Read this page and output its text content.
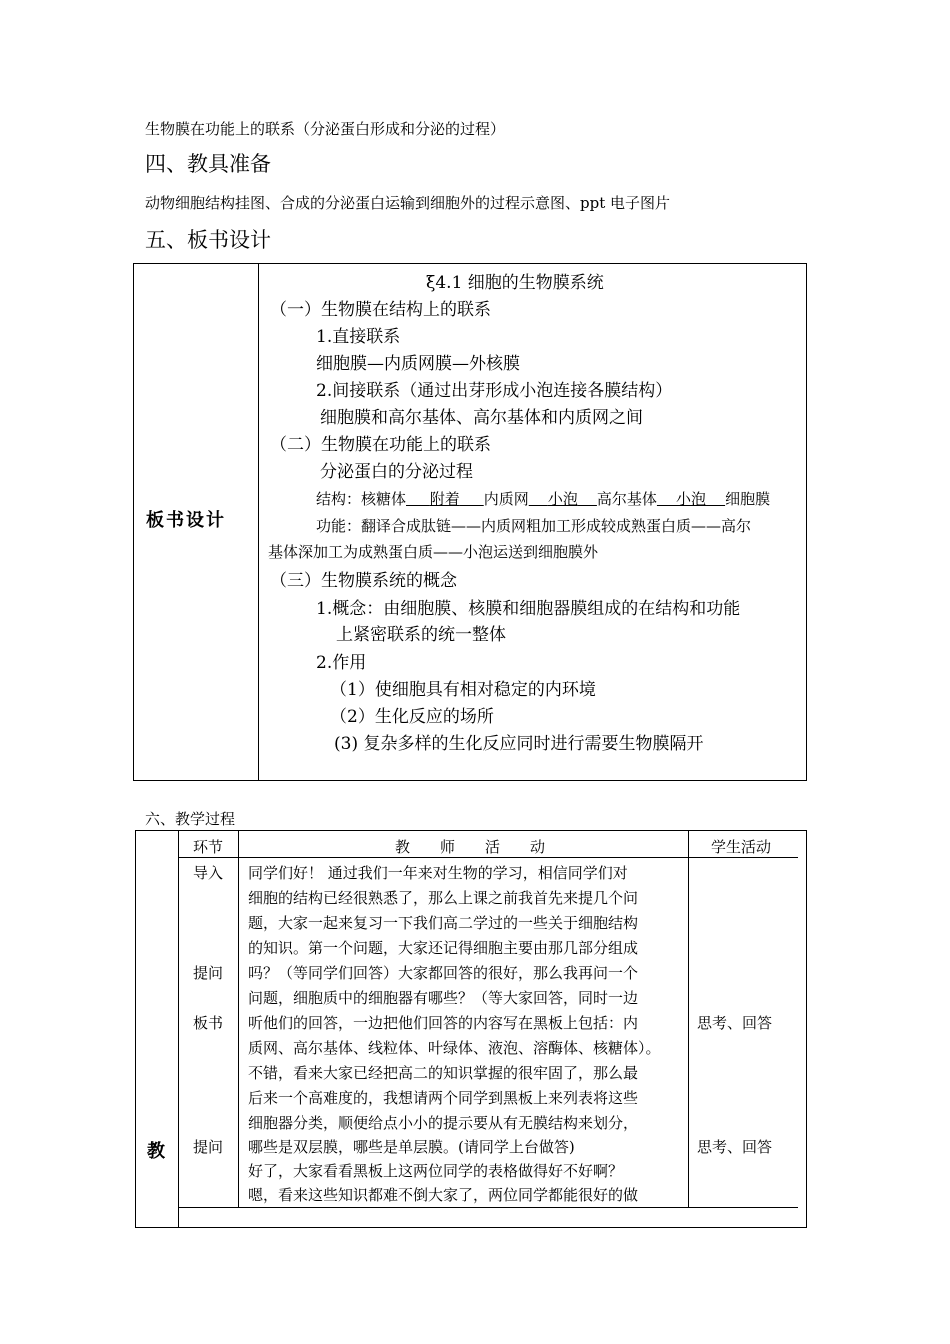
生物膜在功能上的联系（分泌蛋白形成和分泌的过程）
四、教具准备
动物细胞结构挂图、合成的分泌蛋白运输到细胞外的过程示意图、ppt 电子图片
五、板书设计
板书设计
ξ4.1 细胞的生物膜系统
（一）生物膜在结构上的联系
1.直接联系
细胞膜—内质网膜—外核膜
2.间接联系（通过出芽形成小泡连接各膜结构）
细胞膜和高尔基体、高尔基体和内质网之间
（二）生物膜在功能上的联系
分泌蛋白的分泌过程
结构：核糖体 附着 内质网 小泡 高尔基体 小泡 细胞膜
功能：翻译合成肽链——内质网粗加工形成较成熟蛋白质——高尔
基体深加工为成熟蛋白质——小泡运送到细胞膜外
（三）生物膜系统的概念
1.概念：由细胞膜、核膜和细胞器膜组成的在结构和功能
上紧密联系的统一整体
2.作用
（1）使细胞具有相对稳定的内环境
（2）生化反应的场所
(3) 复杂多样的生化反应同时进行需要生物膜隔开
六、教学过程
教
环节	教　　师　　活　　动	学生活动
导入
提问
板书
提问
同学们好！ 通过我们一年来对生物的学习，相信同学们对
细胞的结构已经很熟悉了，那么上课之前我首先来提几个问
题，大家一起来复习一下我们高二学过的一些关于细胞结构
的知识。第一个问题，大家还记得细胞主要由那几部分组成
吗？（等同学们回答）大家都回答的很好，那么我再问一个
问题，细胞质中的细胞器有哪些？（等大家回答，同时一边
听他们的回答，一边把他们回答的内容写在黑板上包括：内
质网、高尔基体、线粒体、叶绿体、液泡、溶酶体、核糖体）。
不错，看来大家已经把高二的知识掌握的很牢固了，那么最
后来一个高难度的，我想请两个同学到黑板上来列表将这些
细胞器分类，顺便给点小小的提示要从有无膜结构来划分，
哪些是双层膜，哪些是单层膜。(请同学上台做答)
好了，大家看看黑板上这两位同学的表格做得好不好啊？
嗯，看来这些知识都难不倒大家了，两位同学都能很好的做
思考、回答
思考、回答
